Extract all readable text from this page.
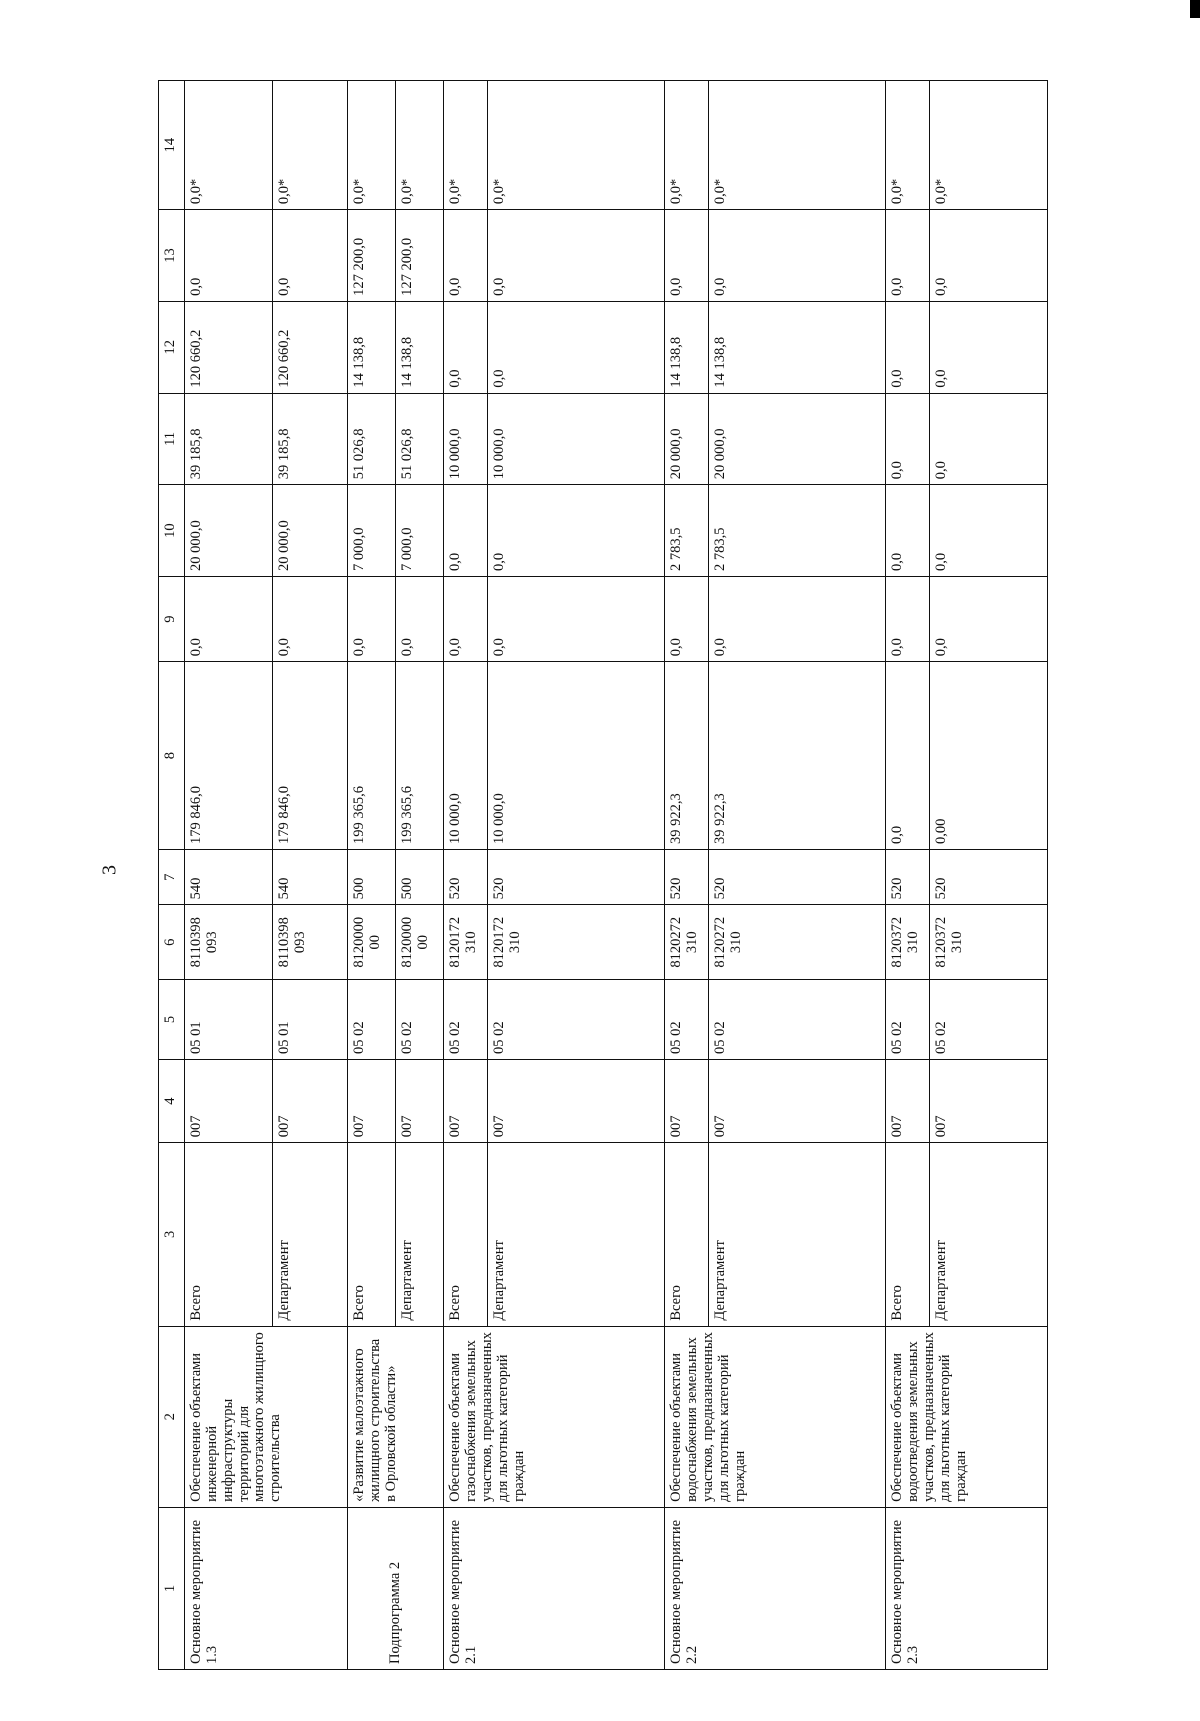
3
1	2	3	4	5	6	7	8	9	10	11	12	13	14
Основное мероприятие 1.3	Обеспечение объектами инженерной инфраструктуры территорий для многоэтажного жилищного строительства	Всего	007	05 01	8110398 093	540	179 846,0	0,0	20 000,0	39 185,8	120 660,2	0,0	0,0*
		Департамент	007	05 01	8110398 093	540	179 846,0	0,0	20 000,0	39 185,8	120 660,2	0,0	0,0*
Подпрограмма 2	«Развитие малоэтажного жилищного строительства в Орловской области»	Всего	007	05 02	8120000 00	500	199 365,6	0,0	7 000,0	51 026,8	14 138,8	127 200,0	0,0*
		Департамент	007	05 02	8120000 00	500	199 365,6	0,0	7 000,0	51 026,8	14 138,8	127 200,0	0,0*
Основное мероприятие 2.1	Обеспечение объектами газоснабжения земельных участков, предназначенных для льготных категорий граждан	Всего	007	05 02	8120172 310	520	10 000,0	0,0	0,0	10 000,0	0,0	0,0	0,0*
		Департамент	007	05 02	8120172 310	520	10 000,0	0,0	0,0	10 000,0	0,0	0,0	0,0*
Основное мероприятие 2.2	Обеспечение объектами водоснабжения земельных участков, предназначенных для льготных категорий граждан	Всего	007	05 02	8120272 310	520	39 922,3	0,0	2 783,5	20 000,0	14 138,8	0,0	0,0*
		Департамент	007	05 02	8120272 310	520	39 922,3	0,0	2 783,5	20 000,0	14 138,8	0,0	0,0*
Основное мероприятие 2.3	Обеспечение объектами водоотведения земельных участков, предназначенных для льготных категорий граждан	Всего	007	05 02	8120372 310	520	0,0	0,0	0,0	0,0	0,0	0,0	0,0*
		Департамент	007	05 02	8120372 310	520	0,00	0,0	0,0	0,0	0,0	0,0	0,0*
